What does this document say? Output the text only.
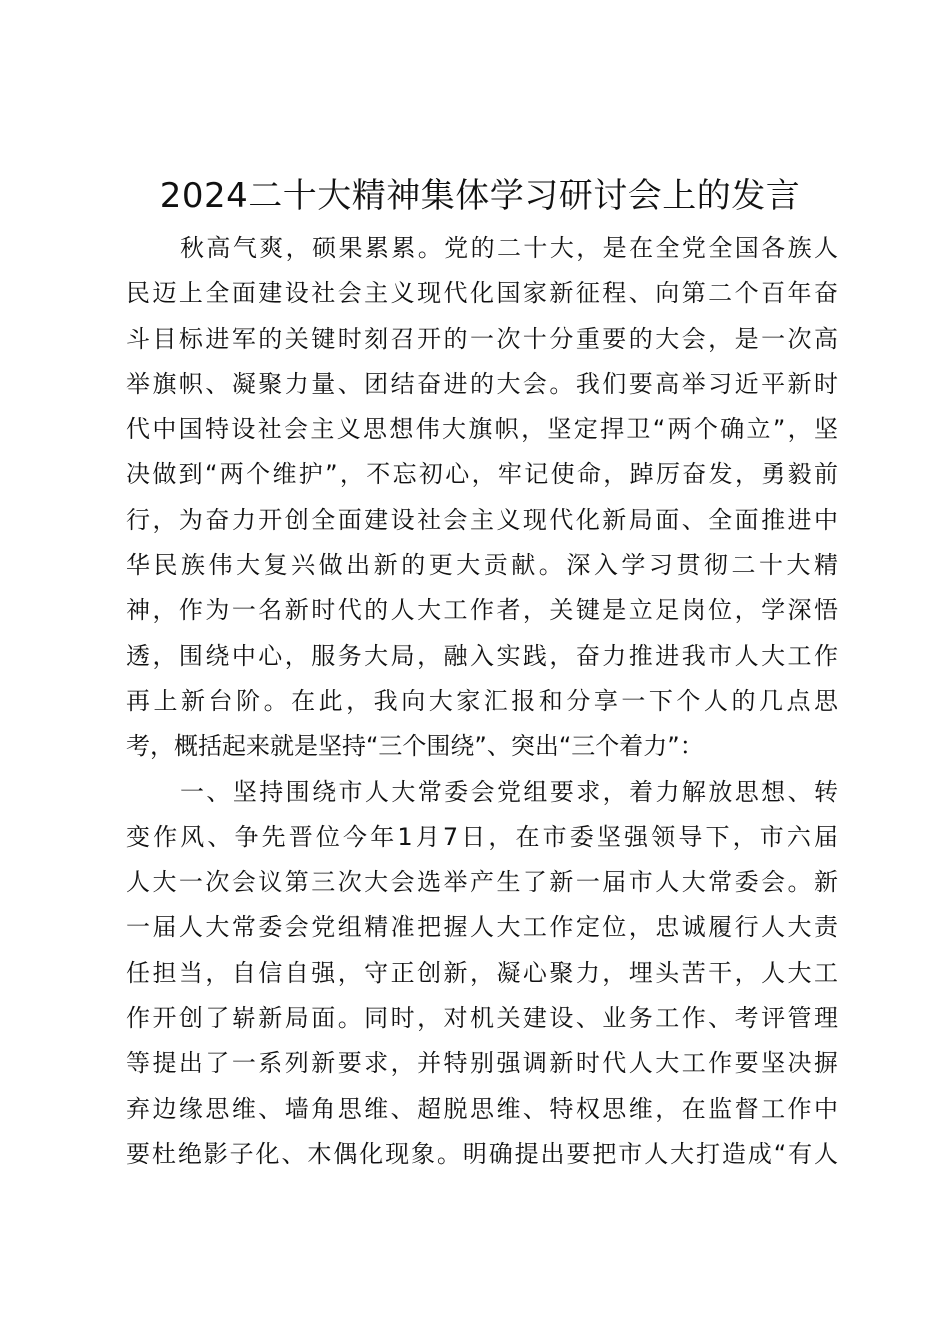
2024二十大精神集体学习研讨会上的发言

秋高气爽，硕果累累。党的二十大，是在全党全国各族人
民迈上全面建设社会主义现代化国家新征程、向第二个百年奋
斗目标进军的关键时刻召开的一次十分重要的大会，是一次高
举旗帜、凝聚力量、团结奋进的大会。我们要高举习近平新时
代中国特设社会主义思想伟大旗帜，坚定捍卫“两个确立”，坚
决做到“两个维护”，不忘初心，牢记使命，踔厉奋发，勇毅前
行，为奋力开创全面建设社会主义现代化新局面、全面推进中
华民族伟大复兴做出新的更大贡献。深入学习贯彻二十大精
神，作为一名新时代的人大工作者，关键是立足岗位，学深悟
透，围绕中心，服务大局，融入实践，奋力推进我市人大工作
再上新台阶。在此，我向大家汇报和分享一下个人的几点思
考，概括起来就是坚持“三个围绕”、突出“三个着力”：

一、坚持围绕市人大常委会党组要求，着力解放思想、转
变作风、争先晋位今年1月7日，在市委坚强领导下，市六届
人大一次会议第三次大会选举产生了新一届市人大常委会。新
一届人大常委会党组精准把握人大工作定位，忠诚履行人大责
任担当，自信自强，守正创新，凝心聚力，埋头苦干，人大工
作开创了崭新局面。同时，对机关建设、业务工作、考评管理
等提出了一系列新要求，并特别强调新时代人大工作要坚决摒
弃边缘思维、墙角思维、超脱思维、特权思维，在监督工作中
要杜绝影子化、木偶化现象。明确提出要把市人大打造成“有人
